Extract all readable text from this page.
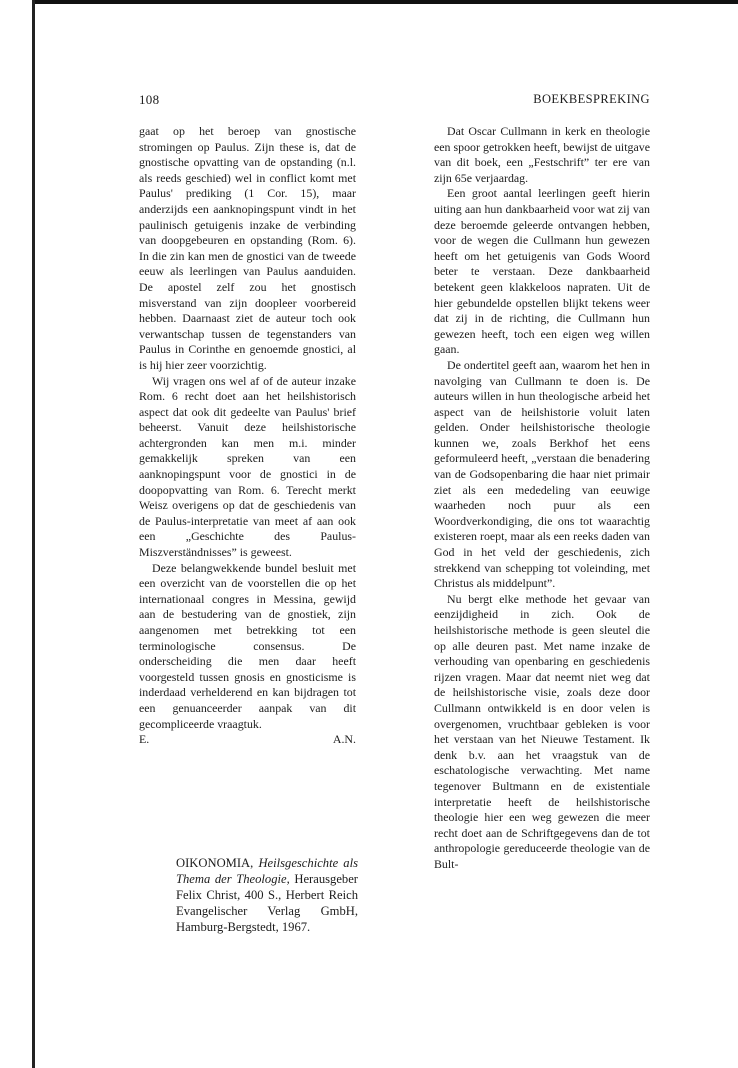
108	BOEKBESPREKING

gaat op het beroep van gnostische stromingen op Paulus. Zijn these is, dat de gnostische opvatting van de opstanding (n.l. als reeds geschied) wel in conflict komt met Paulus' prediking (1 Cor. 15), maar anderzijds een aanknopingspunt vindt in het paulinisch getuigenis inzake de verbinding van doopgebeuren en opstanding (Rom. 6). In die zin kan men de gnostici van de tweede eeuw als leerlingen van Paulus aanduiden. De apostel zelf zou het gnostisch misverstand van zijn doopleer voorbereid hebben. Daarnaast ziet de auteur toch ook verwantschap tussen de tegenstanders van Paulus in Corinthe en genoemde gnostici, al is hij hier zeer voorzichtig.

Wij vragen ons wel af of de auteur inzake Rom. 6 recht doet aan het heilshistorisch aspect dat ook dit gedeelte van Paulus' brief beheerst. Vanuit deze heilshistorische achtergronden kan men m.i. minder gemakkelijk spreken van een aanknopingspunt voor de gnostici in de doopopvatting van Rom. 6. Terecht merkt Weisz overigens op dat de geschiedenis van de Paulus-interpretatie van meet af aan ook een „Geschichte des Paulus-Miszverständnisses” is geweest.

Deze belangwekkende bundel besluit met een overzicht van de voorstellen die op het internationaal congres in Messina, gewijd aan de bestudering van de gnostiek, zijn aangenomen met betrekking tot een terminologische consensus. De onderscheiding die men daar heeft voorgesteld tussen gnosis en gnosticisme is inderdaad verhelderend en kan bijdragen tot een genuanceerder aanpak van dit gecompliceerde vraagtuk.

E.	A.N.
OIKONOMIA, Heilsgeschichte als Thema der Theologie, Herausgeber Felix Christ, 400 S., Herbert Reich Evangelischer Verlag GmbH, Hamburg-Bergstedt, 1967.

Dat Oscar Cullmann in kerk en theologie een spoor getrokken heeft, bewijst de uitgave van dit boek, een „Festschrift” ter ere van zijn 65e verjaardag.

Een groot aantal leerlingen geeft hierin uiting aan hun dankbaarheid voor wat zij van deze beroemde geleerde ontvangen hebben, voor de wegen die Cullmann hun gewezen heeft om het getuigenis van Gods Woord beter te verstaan. Deze dankbaarheid betekent geen klakkeloos napraten. Uit de hier gebundelde opstellen blijkt tekens weer dat zij in de richting, die Cullmann hun gewezen heeft, toch een eigen weg willen gaan.

De ondertitel geeft aan, waarom het hen in navolging van Cullmann te doen is. De auteurs willen in hun theologische arbeid het aspect van de heilshistorie voluit laten gelden. Onder heilshistorische theologie kunnen we, zoals Berkhof het eens geformuleerd heeft, „verstaan die benadering van de Godsopenbaring die haar niet primair ziet als een mededeling van eeuwige waarheden noch puur als een Woordverkondiging, die ons tot waarachtig existeren roept, maar als een reeks daden van God in het veld der geschiedenis, zich strekkend van schepping tot voleinding, met Christus als middelpunt”.

Nu bergt elke methode het gevaar van eenzijdigheid in zich. Ook de heilshistorische methode is geen sleutel die op alle deuren past. Met name inzake de verhouding van openbaring en geschiedenis rijzen vragen. Maar dat neemt niet weg dat de heilshistorische visie, zoals deze door Cullmann ontwikkeld is en door velen is overgenomen, vruchtbaar gebleken is voor het verstaan van het Nieuwe Testament. Ik denk b.v. aan het vraagstuk van de eschatologische verwachting. Met name tegenover Bultmann en de existentiale interpretatie heeft de heilshistorische theologie hier een weg gewezen die meer recht doet aan de Schriftgegevens dan de tot anthropologie gereduceerde theologie van de Bult-
